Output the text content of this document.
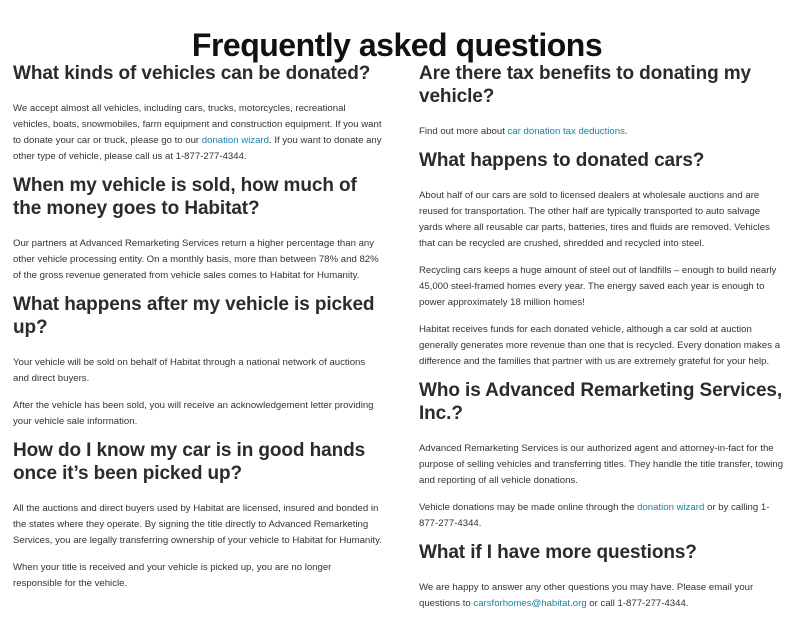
Frequently asked questions
What kinds of vehicles can be donated?

We accept almost all vehicles, including cars, trucks, motorcycles, recreational vehicles, boats, snowmobiles, farm equipment and construction equipment. If you want to donate your car or truck, please go to our donation wizard. If you want to donate any other type of vehicle, please call us at 1-877-277-4344.

When my vehicle is sold, how much of the money goes to Habitat?

Our partners at Advanced Remarketing Services return a higher percentage than any other vehicle processing entity. On a monthly basis, more than between 78% and 82% of the gross revenue generated from vehicle sales comes to Habitat for Humanity.

What happens after my vehicle is picked up?

Your vehicle will be sold on behalf of Habitat through a national network of auctions and direct buyers.

After the vehicle has been sold, you will receive an acknowledgement letter providing your vehicle sale information.

How do I know my car is in good hands once it’s been picked up?

All the auctions and direct buyers used by Habitat are licensed, insured and bonded in the states where they operate. By signing the title directly to Advanced Remarketing Services, you are legally transferring ownership of your vehicle to Habitat for Humanity.

When your title is received and your vehicle is picked up, you are no longer responsible for the vehicle.

Are there tax benefits to donating my vehicle?

Find out more about car donation tax deductions.

What happens to donated cars?

About half of our cars are sold to licensed dealers at wholesale auctions and are reused for transportation. The other half are typically transported to auto salvage yards where all reusable car parts, batteries, tires and fluids are removed. Vehicles that can be recycled are crushed, shredded and recycled into steel.

Recycling cars keeps a huge amount of steel out of landfills – enough to build nearly 45,000 steel-framed homes every year. The energy saved each year is enough to power approximately 18 million homes!

Habitat receives funds for each donated vehicle, although a car sold at auction generally generates more revenue than one that is recycled. Every donation makes a difference and the families that partner with us are extremely grateful for your help.

Who is Advanced Remarketing Services, Inc.?

Advanced Remarketing Services is our authorized agent and attorney-in-fact for the purpose of selling vehicles and transferring titles. They handle the title transfer, towing and reporting of all vehicle donations.

Vehicle donations may be made online through the donation wizard or by calling 1-877-277-4344.

What if I have more questions?

We are happy to answer any other questions you may have. Please email your questions to carsforhomes@habitat.org or call 1-877-277-4344.
